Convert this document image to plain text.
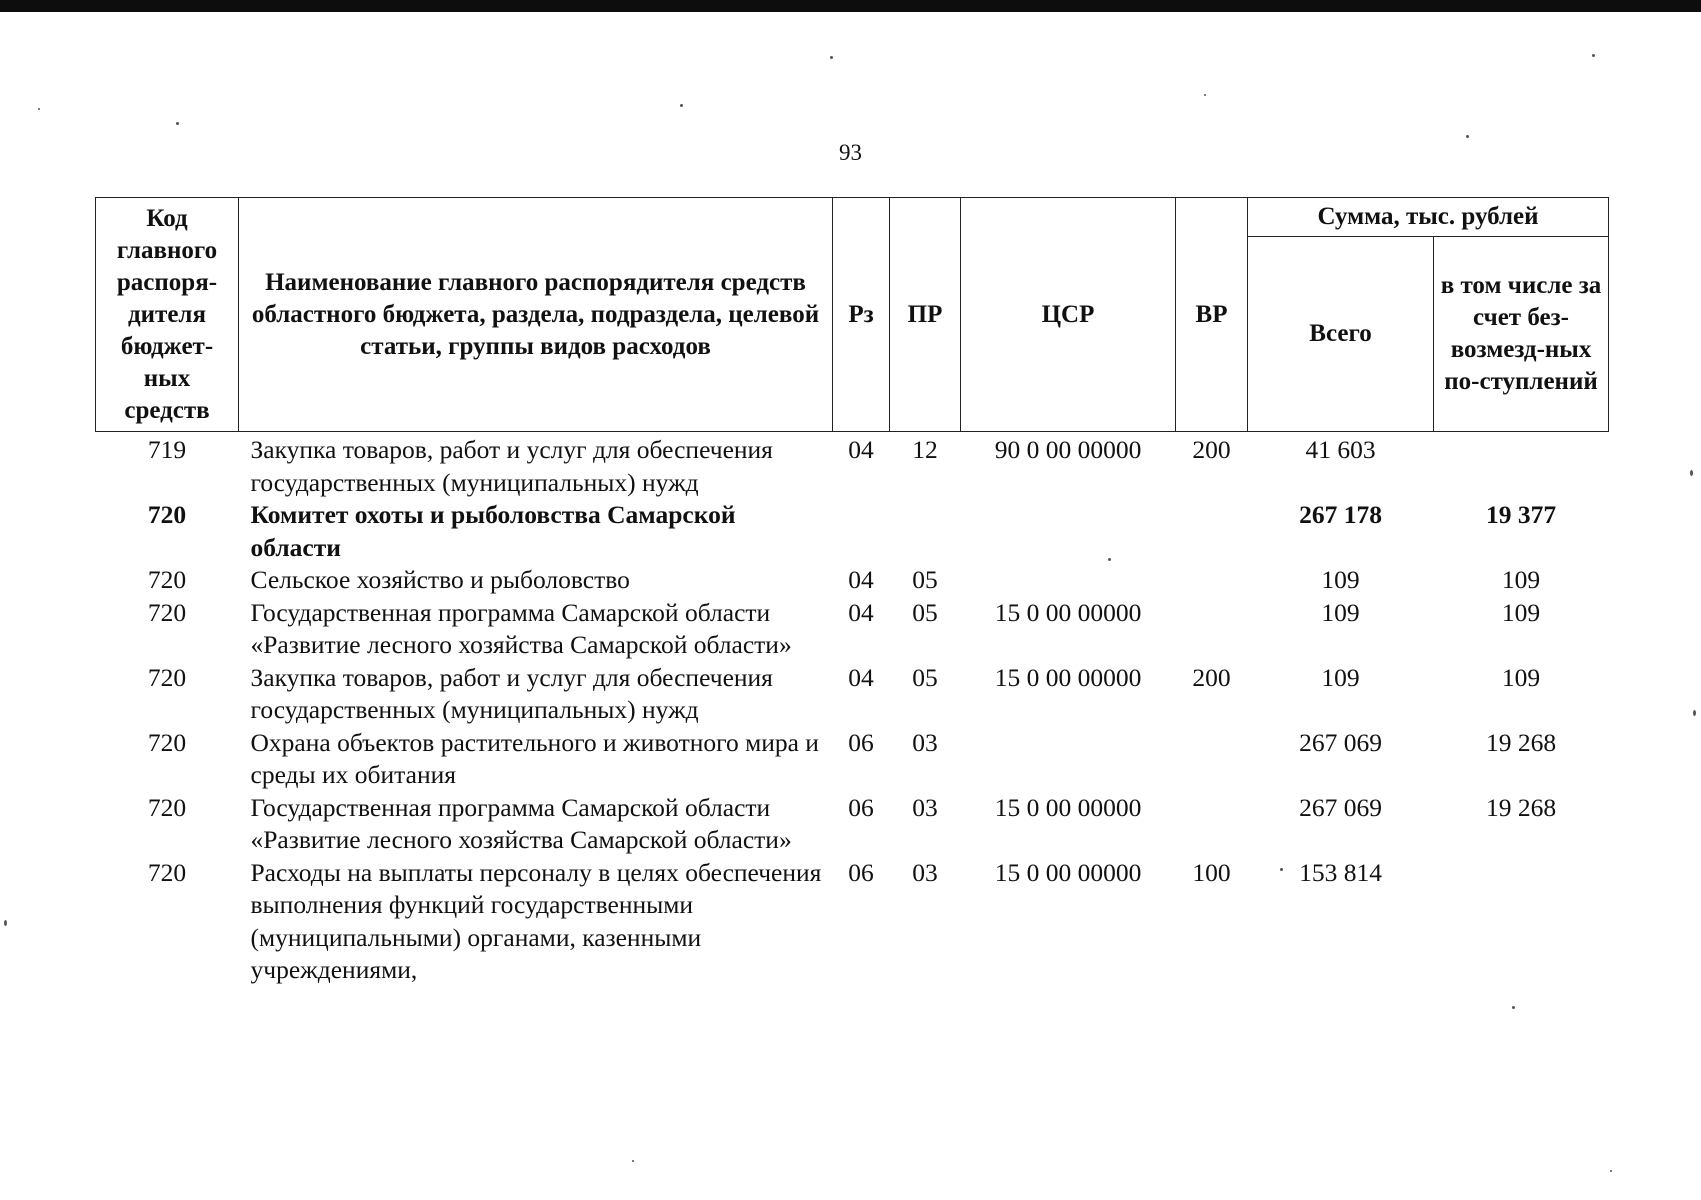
93
Код главного распоря-дителя бюджет-ных средств	Наименование главного распорядителя средств областного бюджета, раздела, подраздела, целевой статьи, группы видов расходов	Рз	ПР	ЦСР	ВР	Сумма, тыс. рублей	
						Всего	в том числе за счет без-возмезд-ных по-ступлений
719	Закупка товаров, работ и услуг для обеспечения государственных (муниципальных) нужд	04	12	90 0 00 00000	200	41 603	
720	Комитет охоты и рыболовства Самарской области					267 178	19 377
720	Сельское хозяйство и рыболовство	04	05			109	109
720	Государственная программа Самарской области «Развитие лесного хозяйства Самарской области»	04	05	15 0 00 00000		109	109
720	Закупка товаров, работ и услуг для обеспечения государственных (муниципальных) нужд	04	05	15 0 00 00000	200	109	109
720	Охрана объектов растительного и животного мира и среды их обитания	06	03			267 069	19 268
720	Государственная программа Самарской области «Развитие лесного хозяйства Самарской области»	06	03	15 0 00 00000		267 069	19 268
720	Расходы на выплаты персоналу в целях обеспечения выполнения функций государственными (муниципальными) органами, казенными учреждениями,	06	03	15 0 00 00000	100	153 814	
